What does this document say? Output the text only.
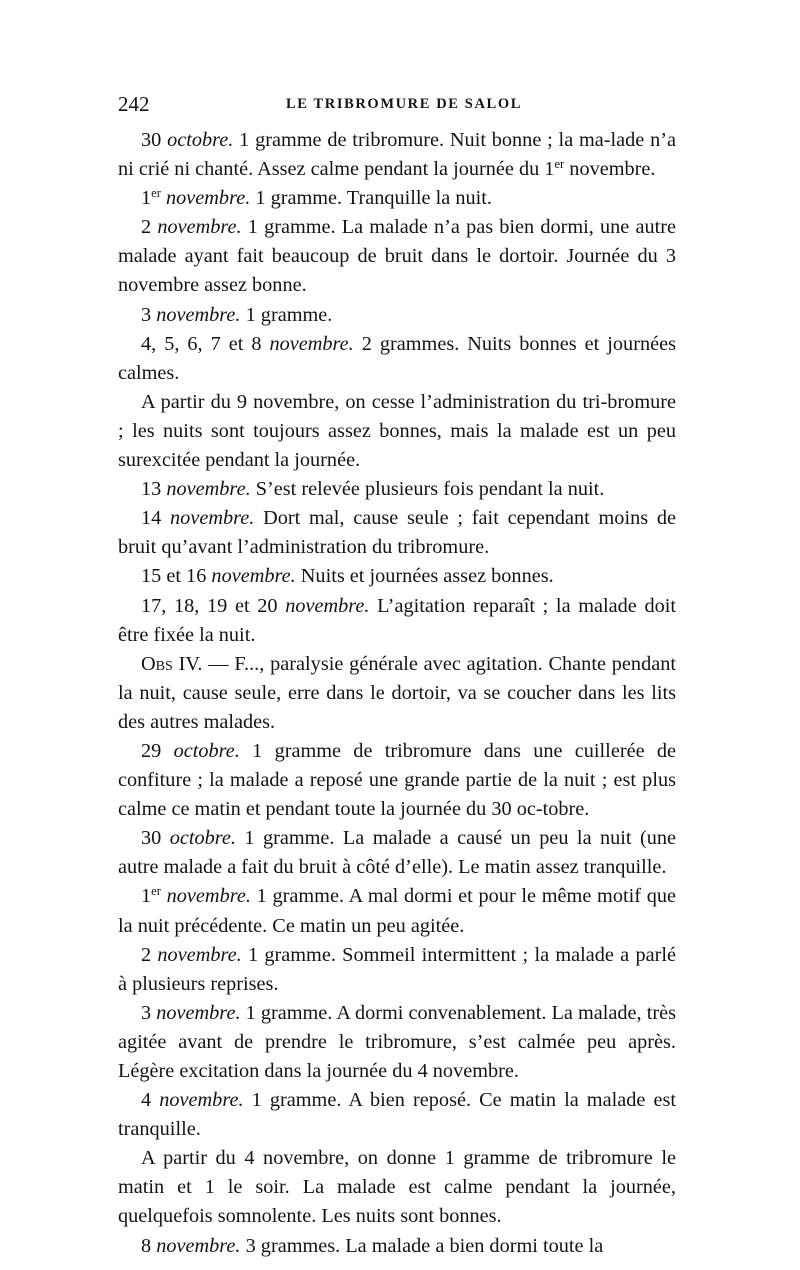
242	LE TRIBROMURE DE SALOL

30 octobre. 1 gramme de tribromure. Nuit bonne ; la ma-lade n’a ni crié ni chanté. Assez calme pendant la journée du 1er novembre.

1er novembre. 1 gramme. Tranquille la nuit.

2 novembre. 1 gramme. La malade n’a pas bien dormi, une autre malade ayant fait beaucoup de bruit dans le dortoir. Journée du 3 novembre assez bonne.

3 novembre. 1 gramme.

4, 5, 6, 7 et 8 novembre. 2 grammes. Nuits bonnes et journées calmes.

A partir du 9 novembre, on cesse l’administration du tri-bromure ; les nuits sont toujours assez bonnes, mais la malade est un peu surexcitée pendant la journée.

13 novembre. S’est relevée plusieurs fois pendant la nuit.

14 novembre. Dort mal, cause seule ; fait cependant moins de bruit qu’avant l’administration du tribromure.

15 et 16 novembre. Nuits et journées assez bonnes.

17, 18, 19 et 20 novembre. L’agitation reparaît ; la malade doit être fixée la nuit.

Obs IV. — F..., paralysie générale avec agitation. Chante pendant la nuit, cause seule, erre dans le dortoir, va se coucher dans les lits des autres malades.

29 octobre. 1 gramme de tribromure dans une cuillerée de confiture ; la malade a reposé une grande partie de la nuit ; est plus calme ce matin et pendant toute la journée du 30 oc-tobre.

30 octobre. 1 gramme. La malade a causé un peu la nuit (une autre malade a fait du bruit à côté d’elle). Le matin assez tranquille.

1er novembre. 1 gramme. A mal dormi et pour le même motif que la nuit précédente. Ce matin un peu agitée.

2 novembre. 1 gramme. Sommeil intermittent ; la malade a parlé à plusieurs reprises.

3 novembre. 1 gramme. A dormi convenablement. La malade, très agitée avant de prendre le tribromure, s’est calmée peu après. Légère excitation dans la journée du 4 novembre.

4 novembre. 1 gramme. A bien reposé. Ce matin la malade est tranquille.

A partir du 4 novembre, on donne 1 gramme de tribromure le matin et 1 le soir. La malade est calme pendant la journée, quelquefois somnolente. Les nuits sont bonnes.

8 novembre. 3 grammes. La malade a bien dormi toute la
